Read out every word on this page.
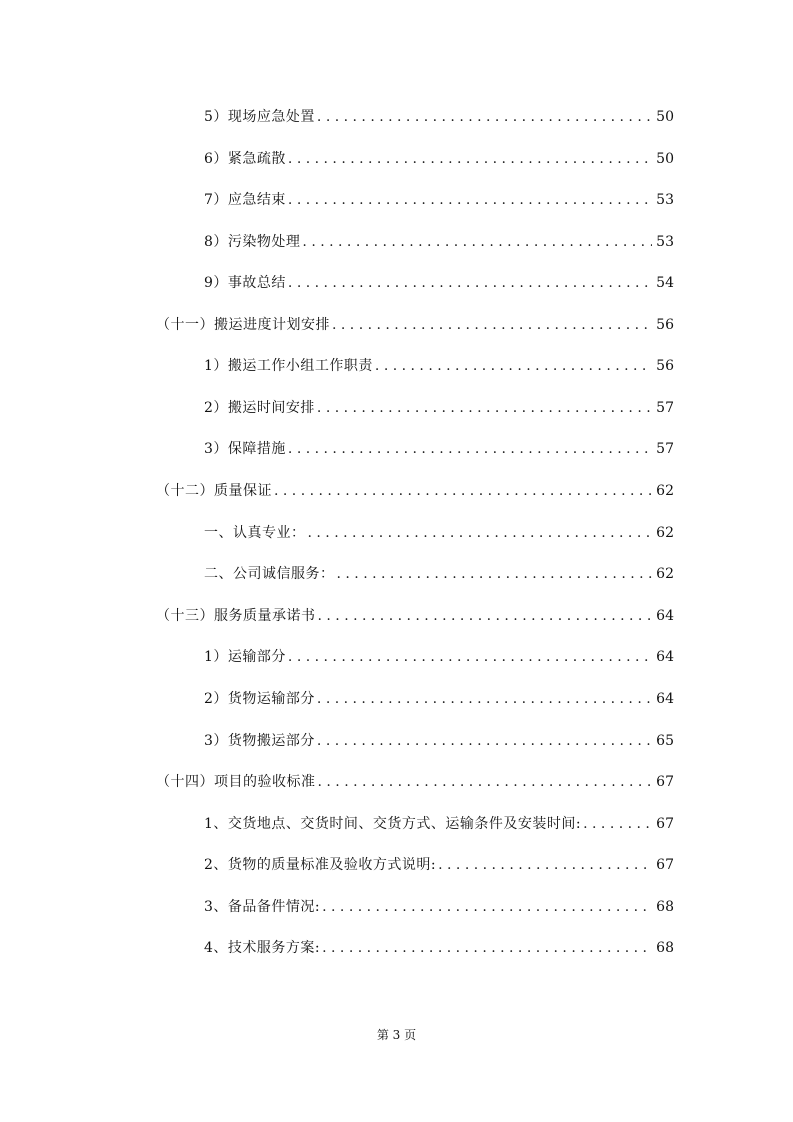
5）现场应急处置 . . .	50
6）紧急疏散 . . .	50
7）应急结束 . . .	53
8）污染物处理 . . .	53
9）事故总结 . . .	54
（十一）搬运进度计划安排 . . .	56
1）搬运工作小组工作职责 . . .	56
2）搬运时间安排 . . .	57
3）保障措施 . . .	57
（十二）质量保证 . . .	62
一、认真专业： . . .	62
二、公司诚信服务： . . .	62
（十三）服务质量承诺书 . . .	64
1）运输部分 . . .	64
2）货物运输部分 . . .	64
3）货物搬运部分 . . .	65
（十四）项目的验收标准 . . .	67
1、交货地点、交货时间、交货方式、运输条件及安装时间: . . .	67
2、货物的质量标准及验收方式说明: . . .	67
3、备品备件情况: . . .	68
4、技术服务方案: . . .	68
第 3 页
